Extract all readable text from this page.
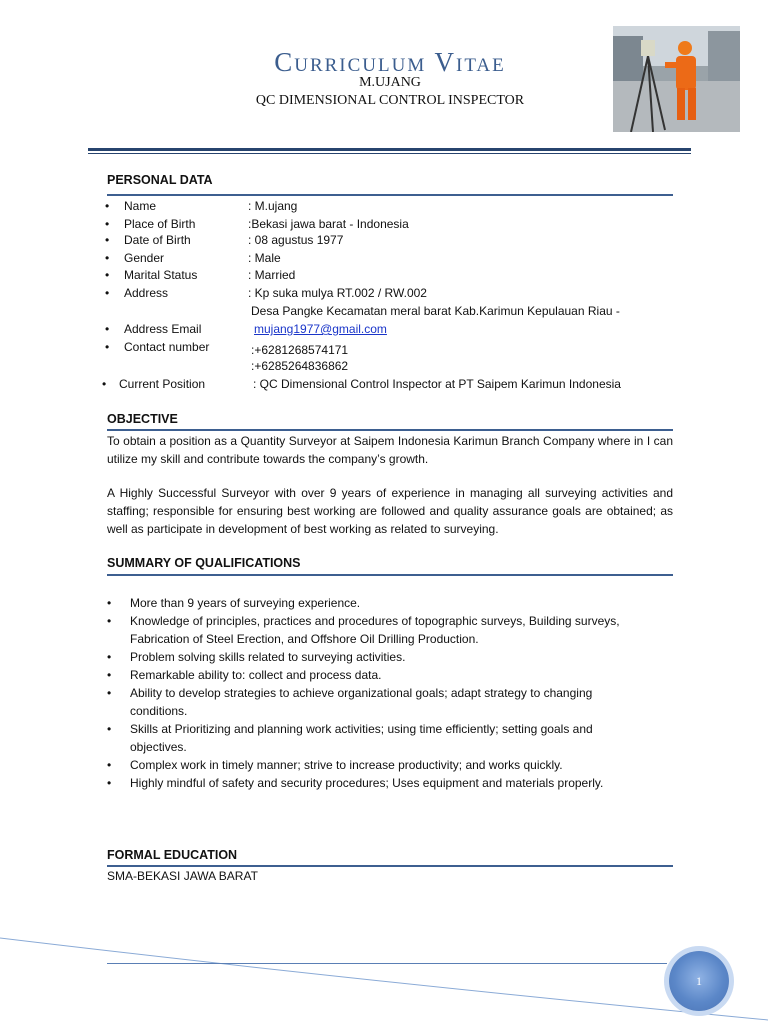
Curriculum Vitae
M.UJANG
QC DIMENSIONAL CONTROL INSPECTOR
PERSONAL DATA
• Name	: M.ujang
• Place of Birth	:Bekasi jawa barat - Indonesia
• Date of Birth	: 08 agustus 1977
• Gender	: Male
• Marital Status	: Married
• Address	: Kp suka mulya RT.002 / RW.002
Desa Pangke Kecamatan meral barat Kab.Karimun Kepulauan Riau -
• Address Email	mujang1977@gmail.com
• Contact number	:+6281268574171
:+6285264836862
• Current Position	: QC Dimensional Control Inspector at PT Saipem Karimun Indonesia
OBJECTIVE
To obtain a position as a Quantity Surveyor at Saipem Indonesia Karimun Branch Company where in I can utilize my skill and contribute towards the company’s growth.
A Highly Successful Surveyor with over 9 years of experience in managing all surveying activities and staffing; responsible for ensuring best working are followed and quality assurance goals are obtained; as well as participate in development of best working as related to surveying.
SUMMARY OF QUALIFICATIONS
• More than 9 years of surveying experience.
• Knowledge of principles, practices and procedures of topographic surveys, Building surveys, Fabrication of Steel Erection, and Offshore Oil Drilling Production.
• Problem solving skills related to surveying activities.
• Remarkable ability to: collect and process data.
• Ability to develop strategies to achieve organizational goals; adapt strategy to changing conditions.
• Skills at Prioritizing and planning work activities; using time efficiently; setting goals and objectives.
• Complex work in timely manner; strive to increase productivity; and works quickly.
• Highly mindful of safety and security procedures; Uses equipment and materials properly.
FORMAL EDUCATION
SMA-BEKASI JAWA BARAT
1
